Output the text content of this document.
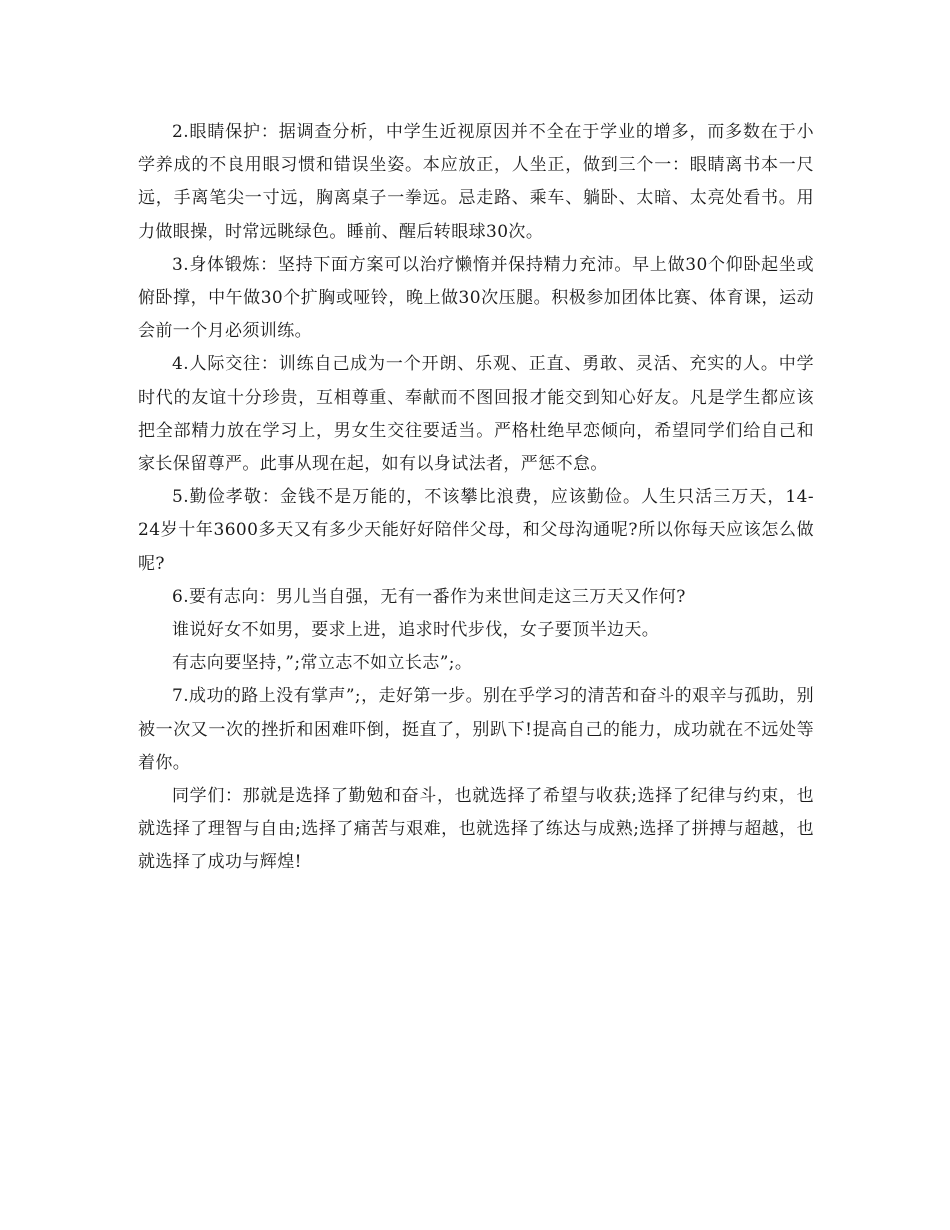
2.眼睛保护：据调查分析，中学生近视原因并不全在于学业的增多，而多数在于小学养成的不良用眼习惯和错误坐姿。本应放正，人坐正，做到三个一：眼睛离书本一尺远，手离笔尖一寸远，胸离桌子一拳远。忌走路、乘车、躺卧、太暗、太亮处看书。用力做眼操，时常远眺绿色。睡前、醒后转眼球30次。

3.身体锻炼：坚持下面方案可以治疗懒惰并保持精力充沛。早上做30个仰卧起坐或俯卧撑，中午做30个扩胸或哑铃，晚上做30次压腿。积极参加团体比赛、体育课，运动会前一个月必须训练。

4.人际交往：训练自己成为一个开朗、乐观、正直、勇敢、灵活、充实的人。中学时代的友谊十分珍贵，互相尊重、奉献而不图回报才能交到知心好友。凡是学生都应该把全部精力放在学习上，男女生交往要适当。严格杜绝早恋倾向，希望同学们给自己和家长保留尊严。此事从现在起，如有以身试法者，严惩不怠。

5.勤俭孝敬：金钱不是万能的，不该攀比浪费，应该勤俭。人生只活三万天，14-24岁十年3600多天又有多少天能好好陪伴父母，和父母沟通呢?所以你每天应该怎么做呢?

6.要有志向：男儿当自强，无有一番作为来世间走这三万天又作何?

谁说好女不如男，要求上进，追求时代步伐，女子要顶半边天。

有志向要坚持，”;常立志不如立长志”;。

7.成功的路上没有掌声”;，走好第一步。别在乎学习的清苦和奋斗的艰辛与孤助，别被一次又一次的挫折和困难吓倒，挺直了，别趴下!提高自己的能力，成功就在不远处等着你。

同学们：那就是选择了勤勉和奋斗，也就选择了希望与收获;选择了纪律与约束，也就选择了理智与自由;选择了痛苦与艰难，也就选择了练达与成熟;选择了拼搏与超越，也就选择了成功与辉煌!
